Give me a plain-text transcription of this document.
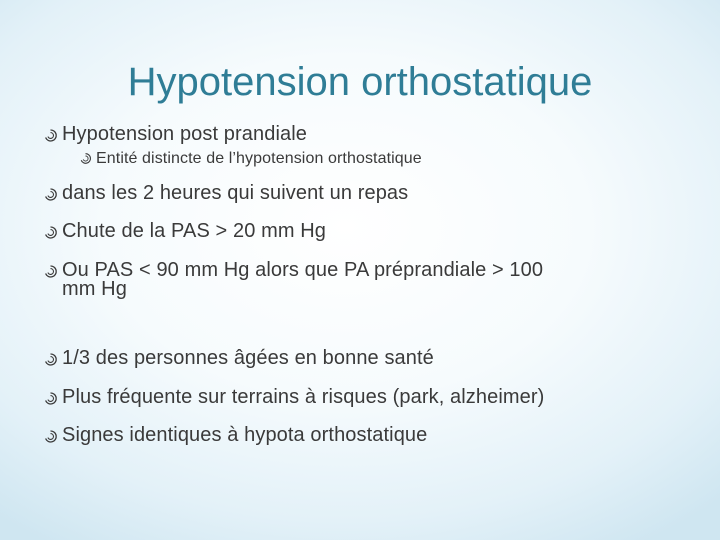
Hypotension orthostatique
Hypotension post prandiale
Entité distincte de l’hypotension orthostatique
dans les 2 heures qui suivent un repas
Chute de la PAS > 20 mm Hg
Ou PAS < 90 mm Hg alors que PA préprandiale > 100
mm Hg
1/3 des personnes âgées en bonne santé
Plus fréquente sur terrains à risques (park, alzheimer)
Signes identiques à hypota orthostatique
